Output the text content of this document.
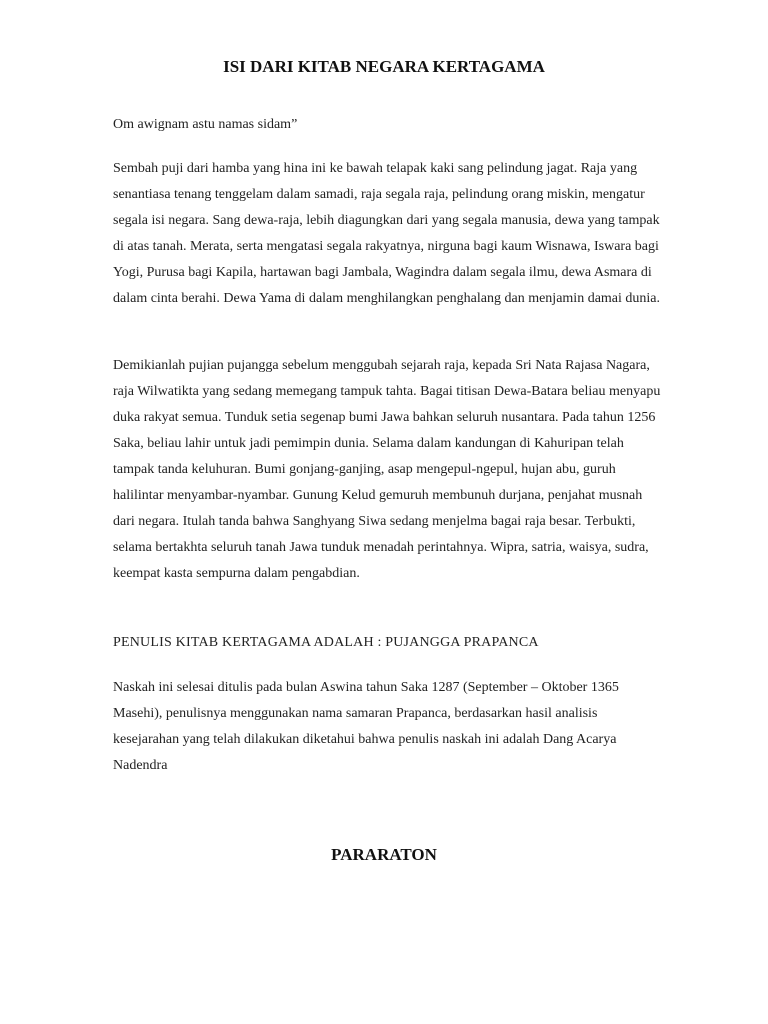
ISI DARI KITAB NEGARA KERTAGAMA

Om awignam astu namas sidam”

Sembah puji dari hamba yang hina ini ke bawah telapak kaki sang pelindung jagat. Raja yang senantiasa tenang tenggelam dalam samadi, raja segala raja, pelindung orang miskin, mengatur segala isi negara. Sang dewa-raja, lebih diagungkan dari yang segala manusia, dewa yang tampak di atas tanah. Merata, serta mengatasi segala rakyatnya, nirguna bagi kaum Wisnawa, Iswara bagi Yogi, Purusa bagi Kapila, hartawan bagi Jambala, Wagindra dalam segala ilmu, dewa Asmara di dalam cinta berahi. Dewa Yama di dalam menghilangkan penghalang dan menjamin damai dunia.

Demikianlah pujian pujangga sebelum menggubah sejarah raja, kepada Sri Nata Rajasa Nagara, raja Wilwatikta yang sedang memegang tampuk tahta. Bagai titisan Dewa-Batara beliau menyapu duka rakyat semua. Tunduk setia segenap bumi Jawa bahkan seluruh nusantara. Pada tahun 1256 Saka, beliau lahir untuk jadi pemimpin dunia. Selama dalam kandungan di Kahuripan telah tampak tanda keluhuran. Bumi gonjang-ganjing, asap mengepul-ngepul, hujan abu, guruh halilintar menyambar-nyambar. Gunung Kelud gemuruh membunuh durjana, penjahat musnah dari negara. Itulah tanda bahwa Sanghyang Siwa sedang menjelma bagai raja besar. Terbukti, selama bertakhta seluruh tanah Jawa tunduk menadah perintahnya. Wipra, satria, waisya, sudra, keempat kasta sempurna dalam pengabdian.

PENULIS KITAB KERTAGAMA ADALAH : PUJANGGA PRAPANCA

Naskah ini selesai ditulis pada bulan Aswina tahun Saka 1287 (September – Oktober 1365 Masehi), penulisnya menggunakan nama samaran Prapanca, berdasarkan hasil analisis kesejarahan yang telah dilakukan diketahui bahwa penulis naskah ini adalah Dang Acarya Nadendra

PARARATON
